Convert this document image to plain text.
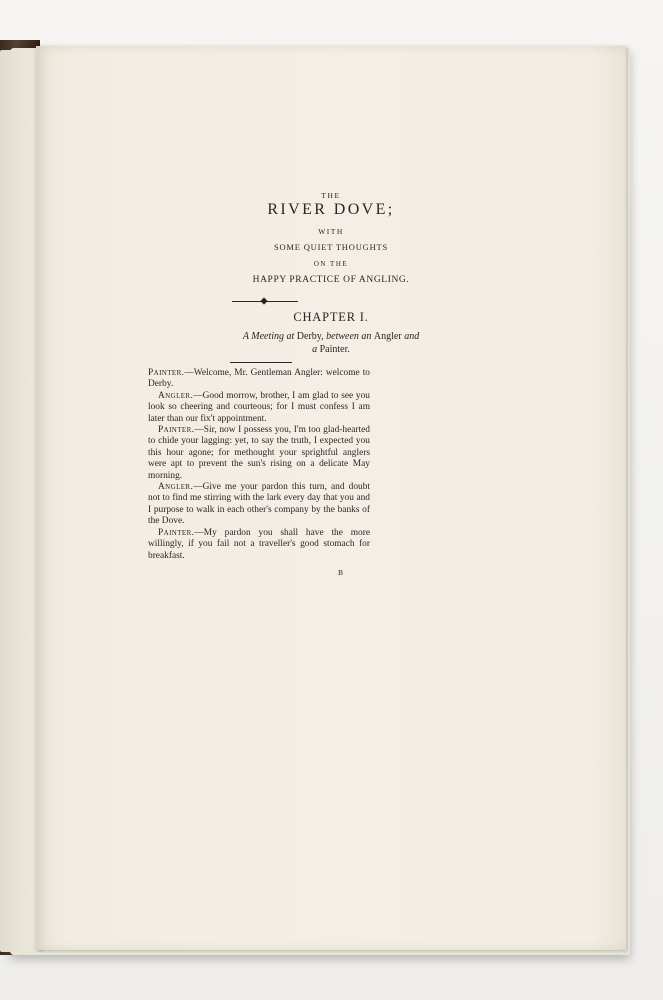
THE
RIVER DOVE;
WITH
SOME QUIET THOUGHTS
ON THE
HAPPY PRACTICE OF ANGLING.
CHAPTER I.
A Meeting at Derby, between an Angler and
a Painter.

Painter.—Welcome, Mr. Gentleman Angler: welcome to Derby.

Angler.—Good morrow, brother, I am glad to see you look so cheering and courteous; for I must confess I am later than our fix't appointment.

Painter.—Sir, now I possess you, I'm too glad-hearted to chide your lagging: yet, to say the truth, I expected you this hour agone; for methought your sprightful anglers were apt to prevent the sun's rising on a delicate May morning.

Angler.—Give me your pardon this turn, and doubt not to find me stirring with the lark every day that you and I purpose to walk in each other's company by the banks of the Dove.

Painter.—My pardon you shall have the more willingly, if you fail not a traveller's good stomach for breakfast.

B
